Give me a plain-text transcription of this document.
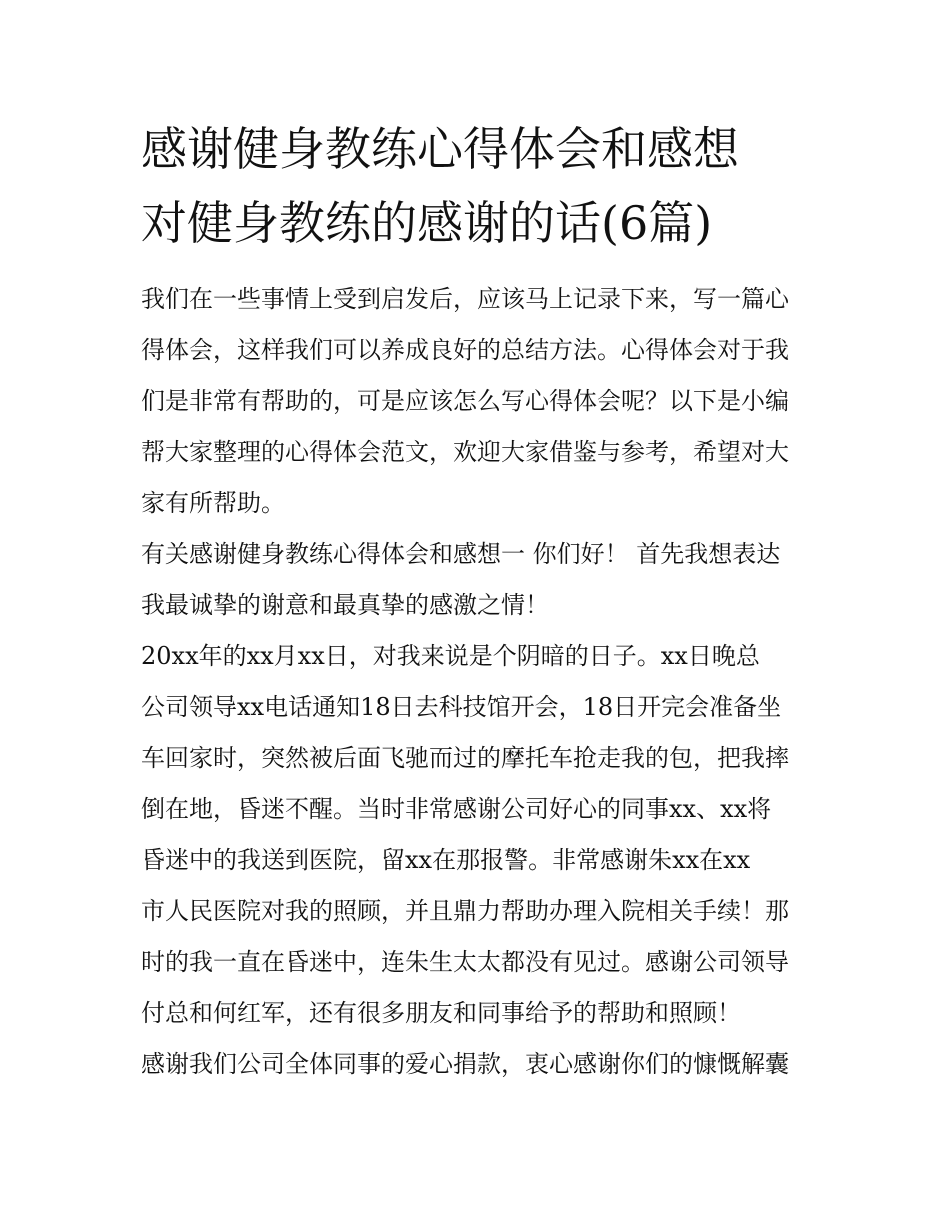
感谢健身教练心得体会和感想
对健身教练的感谢的话(6篇)

我们在一些事情上受到启发后，应该马上记录下来，写一篇心
得体会，这样我们可以养成良好的总结方法。心得体会对于我
们是非常有帮助的，可是应该怎么写心得体会呢？以下是小编
帮大家整理的心得体会范文，欢迎大家借鉴与参考，希望对大
家有所帮助。

有关感谢健身教练心得体会和感想一 你们好！ 首先我想表达
我最诚挚的谢意和最真挚的感激之情！

20xx年的xx月xx日，对我来说是个阴暗的日子。xx日晚总
公司领导xx电话通知18日去科技馆开会，18日开完会准备坐
车回家时，突然被后面飞驰而过的摩托车抢走我的包，把我摔
倒在地，昏迷不醒。当时非常感谢公司好心的同事xx、xx将
昏迷中的我送到医院，留xx在那报警。非常感谢朱xx在xx
市人民医院对我的照顾，并且鼎力帮助办理入院相关手续！那
时的我一直在昏迷中，连朱生太太都没有见过。感谢公司领导
付总和何红军，还有很多朋友和同事给予的帮助和照顾！

感谢我们公司全体同事的爱心捐款，衷心感谢你们的慷慨解囊
